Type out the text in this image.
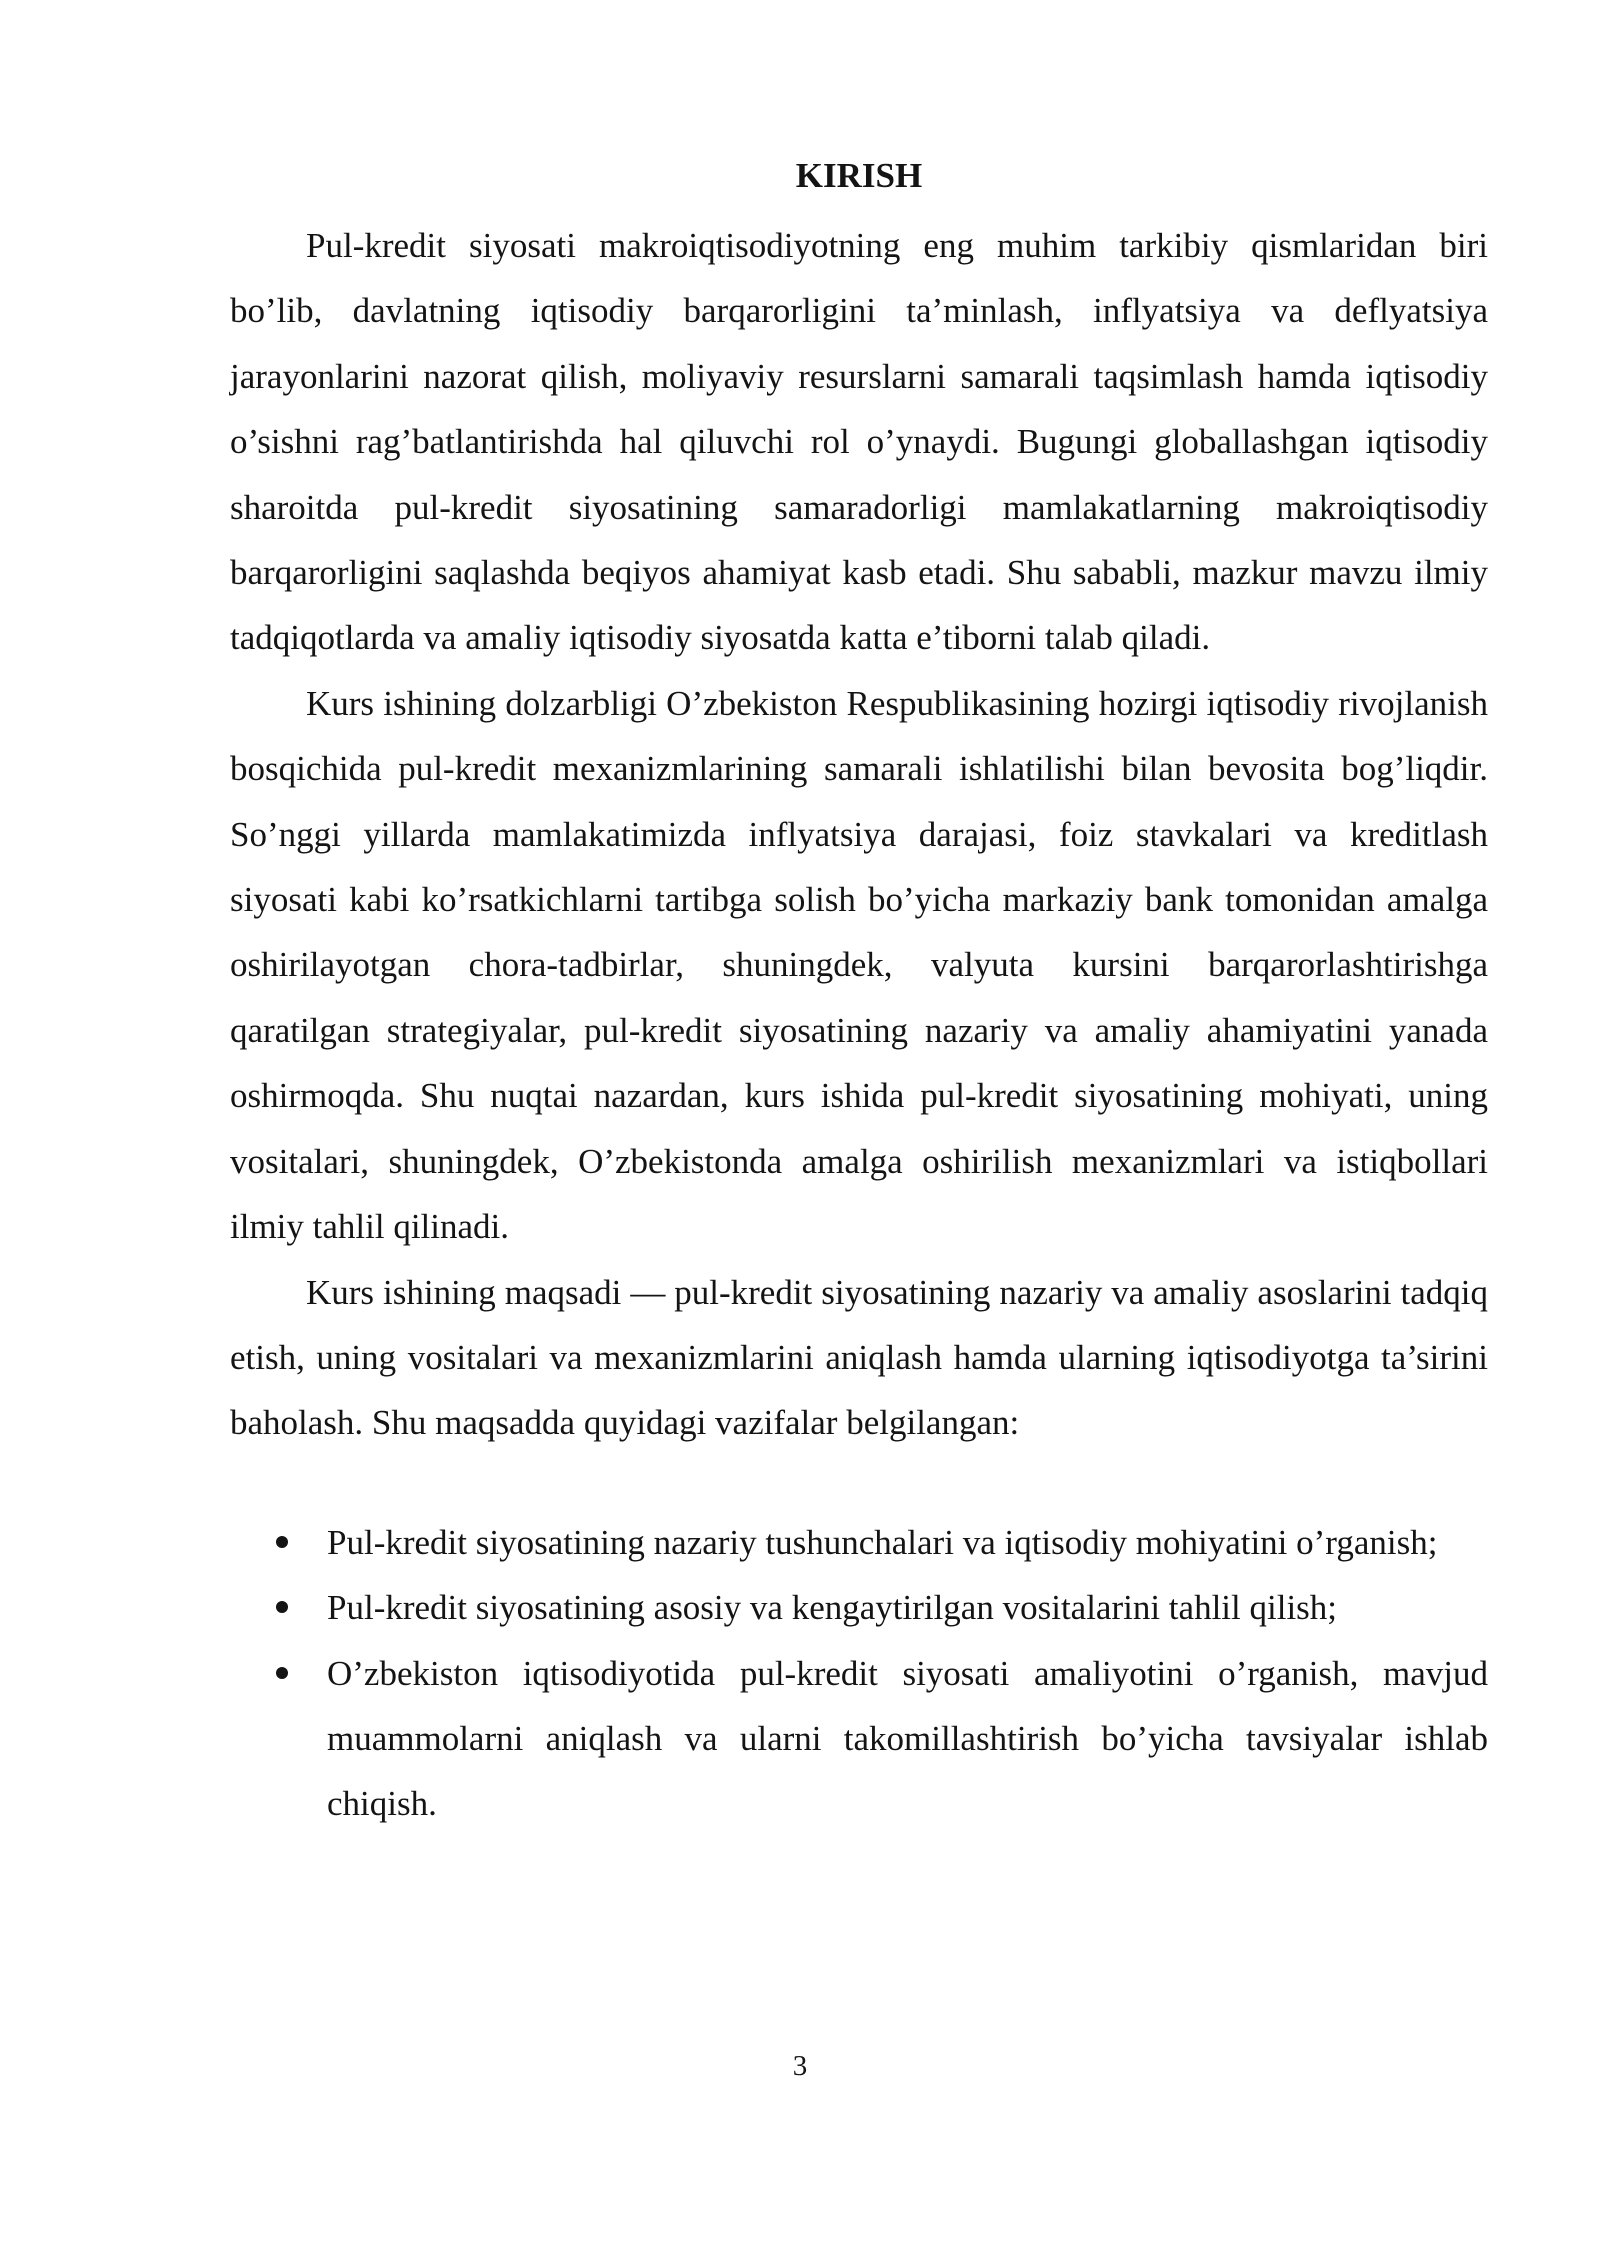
KIRISH

Pul-kredit siyosati makroiqtisodiyotning eng muhim tarkibiy qismlaridan biri bo’lib, davlatning iqtisodiy barqarorligini ta’minlash, inflyatsiya va deflyatsiya jarayonlarini nazorat qilish, moliyaviy resurslarni samarali taqsimlash hamda iqtisodiy o’sishni rag’batlantirishda hal qiluvchi rol o’ynaydi. Bugungi globallashgan iqtisodiy sharoitda pul-kredit siyosatining samaradorligi mamlakatlarning makroiqtisodiy barqarorligini saqlashda beqiyos ahamiyat kasb etadi. Shu sababli, mazkur mavzu ilmiy tadqiqotlarda va amaliy iqtisodiy siyosatda katta e’tiborni talab qiladi.

Kurs ishining dolzarbligi O’zbekiston Respublikasining hozirgi iqtisodiy rivojlanish bosqichida pul-kredit mexanizmlarining samarali ishlatilishi bilan bevosita bog’liqdir. So’nggi yillarda mamlakatimizda inflyatsiya darajasi, foiz stavkalari va kreditlash siyosati kabi ko’rsatkichlarni tartibga solish bo’yicha markaziy bank tomonidan amalga oshirilayotgan chora-tadbirlar, shuningdek, valyuta kursini barqarorlashtirishga qaratilgan strategiyalar, pul-kredit siyosatining nazariy va amaliy ahamiyatini yanada oshirmoqda. Shu nuqtai nazardan, kurs ishida pul-kredit siyosatining mohiyati, uning vositalari, shuningdek, O’zbekistonda amalga oshirilish mexanizmlari va istiqbollari ilmiy tahlil qilinadi.

Kurs ishining maqsadi — pul-kredit siyosatining nazariy va amaliy asoslarini tadqiq etish, uning vositalari va mexanizmlarini aniqlash hamda ularning iqtisodiyotga ta’sirini baholash. Shu maqsadda quyidagi vazifalar belgilangan:

Pul-kredit siyosatining nazariy tushunchalari va iqtisodiy mohiyatini o’rganish;
Pul-kredit siyosatining asosiy va kengaytirilgan vositalarini tahlil qilish;
O’zbekiston iqtisodiyotida pul-kredit siyosati amaliyotini o’rganish, mavjud muammolarni aniqlash va ularni takomillashtirish bo’yicha tavsiyalar ishlab chiqish.
3
